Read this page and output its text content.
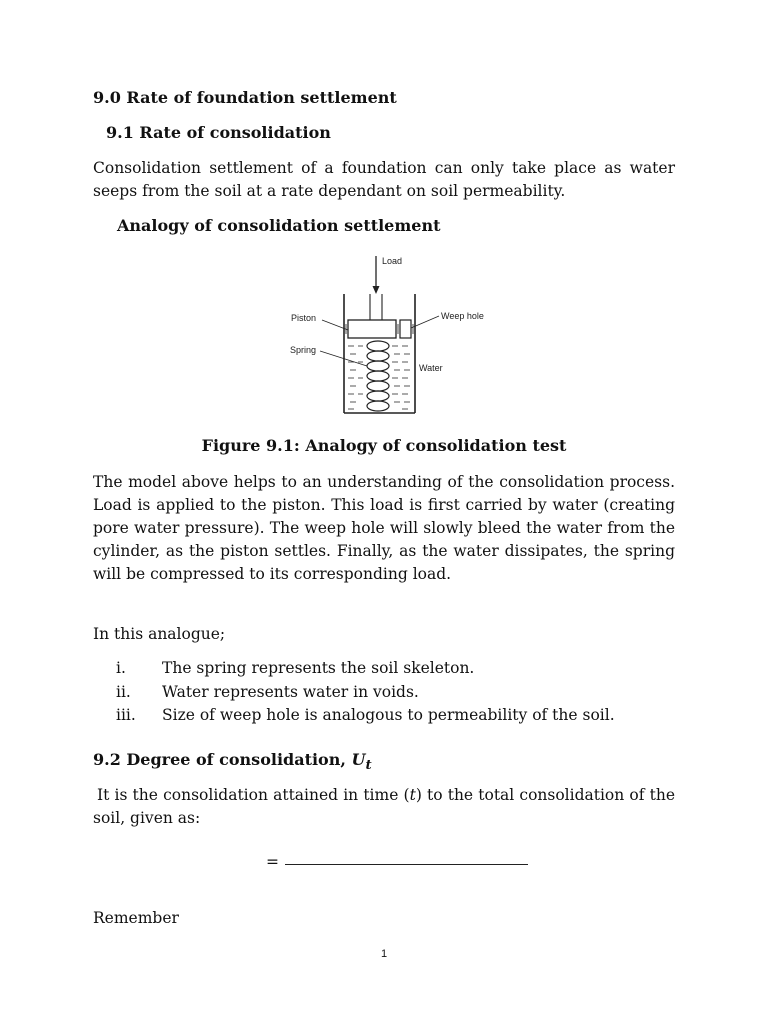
9.0 Rate of foundation settlement
9.1 Rate of consolidation

Consolidation settlement of a foundation can only take place as water seeps from the soil at a rate dependant on soil permeability.

Analogy of consolidation settlement
Load
Piston	Weep hole
Spring
Water
Figure 9.1: Analogy of consolidation test

The model above helps to an understanding of the consolidation process. Load is applied to the piston. This load is first carried by water (creating pore water pressure). The weep hole will slowly bleed the water from the cylinder, as the piston settles. Finally, as the water dissipates, the spring will be compressed to its corresponding load.

In this analogue;

i.	The spring represents the soil skeleton.
ii.	Water represents water in voids.
iii.	Size of weep hole is analogous to permeability of the soil.
9.2 Degree of consolidation, $U_t$

It is the consolidation attained in time (t) to the total consolidation of the soil, given as:

=
Remember
1
